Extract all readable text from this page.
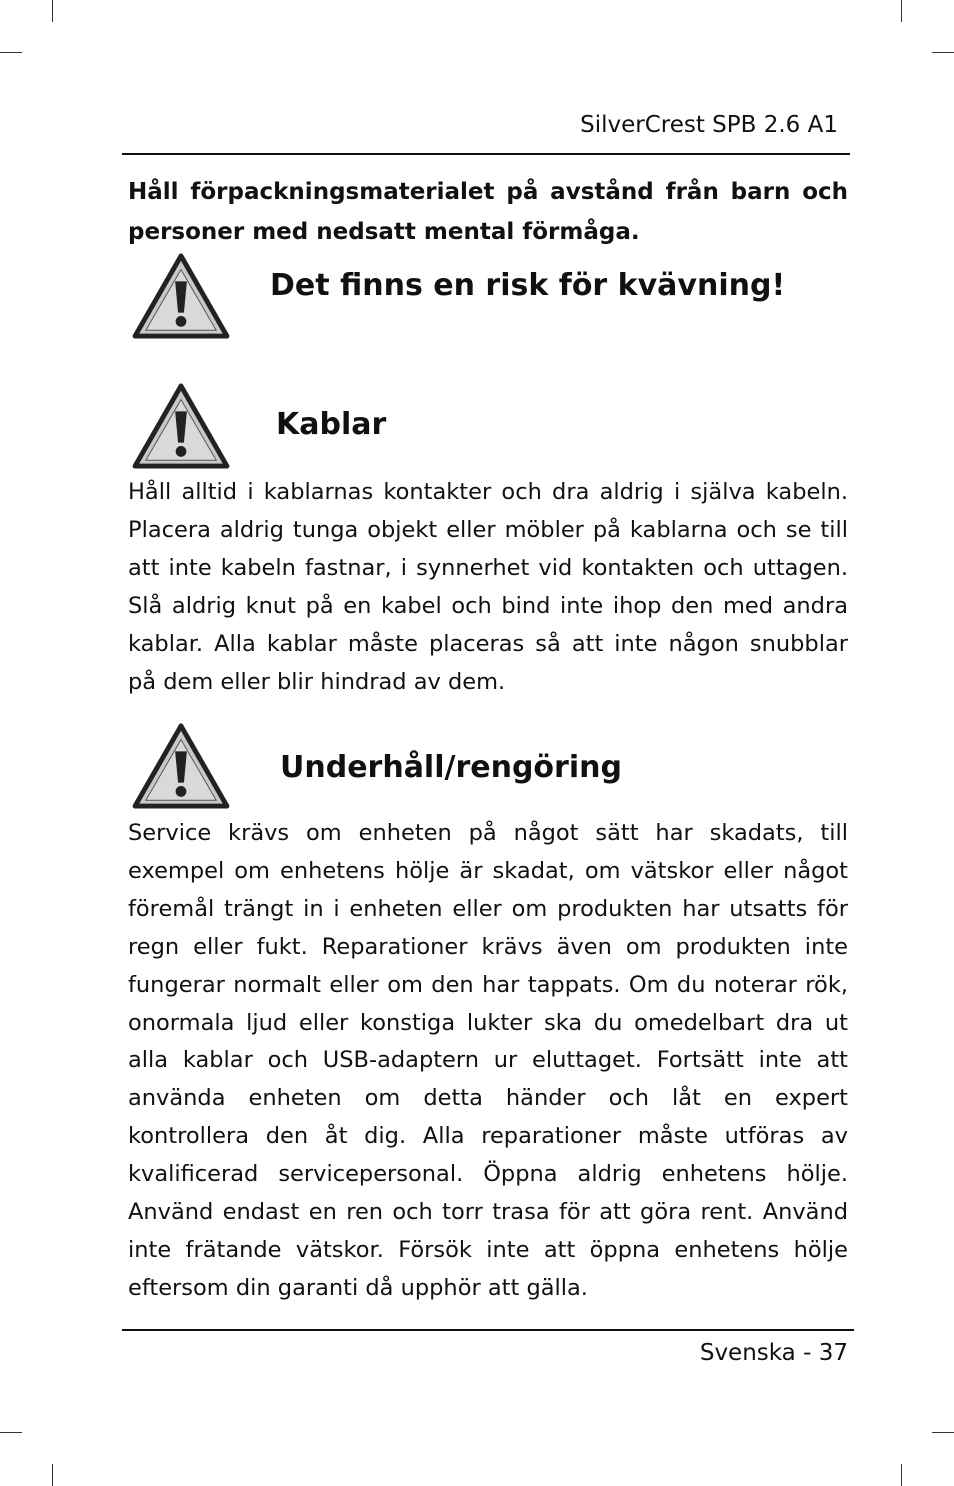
SilverCrest SPB 2.6 A1
Håll förpackningsmaterialet på avstånd från barn och personer med nedsatt mental förmåga.
Det finns en risk för kvävning!
Kablar

Håll alltid i kablarnas kontakter och dra aldrig i själva kabeln. Placera aldrig tunga objekt eller möbler på kablarna och se till att inte kabeln fastnar, i synnerhet vid kontakten och uttagen. Slå aldrig knut på en kabel och bind inte ihop den med andra kablar. Alla kablar måste placeras så att inte någon snubblar på dem eller blir hindrad av dem.

Underhåll/rengöring

Service krävs om enheten på något sätt har skadats, till exempel om enhetens hölje är skadat, om vätskor eller något föremål trängt in i enheten eller om produkten har utsatts för regn eller fukt. Reparationer krävs även om produkten inte fungerar normalt eller om den har tappats. Om du noterar rök, onormala ljud eller konstiga lukter ska du omedelbart dra ut alla kablar och USB-adaptern ur eluttaget. Fortsätt inte att använda enheten om detta händer och låt en expert kontrollera den åt dig. Alla reparationer måste utföras av kvalificerad servicepersonal. Öppna aldrig enhetens hölje. Använd endast en ren och torr trasa för att göra rent. Använd inte frätande vätskor. Försök inte att öppna enhetens hölje eftersom din garanti då upphör att gälla.

Svenska - 37
